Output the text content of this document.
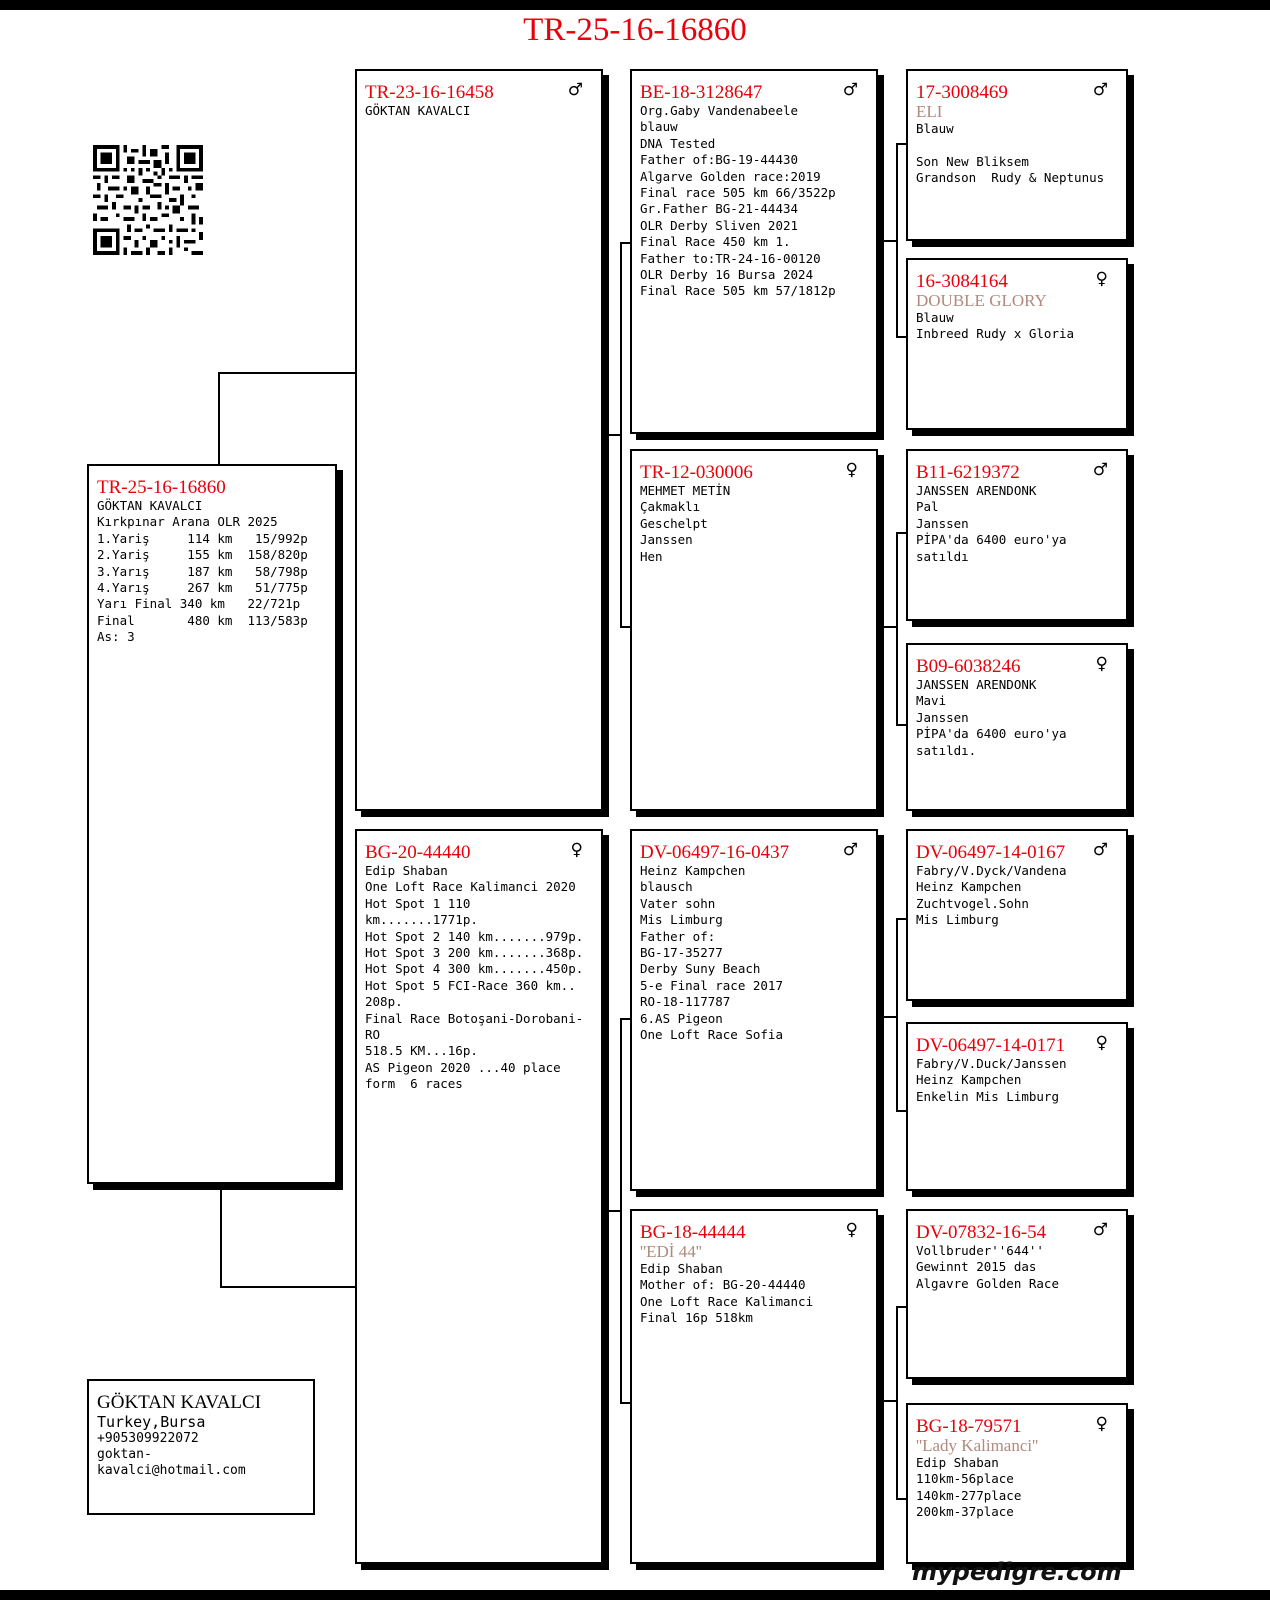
TR-25-16-16860
TR-25-16-16860
GÖKTAN KAVALCI
Kırkpınar Arana OLR 2025
1.Yariş     114 km   15/992p
2.Yariş     155 km  158/820p
3.Yarış     187 km   58/798p
4.Yarış     267 km   51/775p
Yarı Final 340 km   22/721p
Final       480 km  113/583p
As: 3
TR-23-16-16458	♂
GÖKTAN KAVALCI
BG-20-44440	♀
Edip Shaban
One Loft Race Kalimanci 2020
Hot Spot 1 110
km.......1771p.
Hot Spot 2 140 km.......979p.
Hot Spot 3 200 km.......368p.
Hot Spot 4 300 km.......450p.
Hot Spot 5 FCI-Race 360 km..
208p.
Final Race Botoşani-Dorobani-
RO
518.5 KM...16p.
AS Pigeon 2020 ...40 place
form  6 races
BE-18-3128647	♂
Org.Gaby Vandenabeele
blauw
DNA Tested
Father of:BG-19-44430
Algarve Golden race:2019
Final race 505 km 66/3522p
Gr.Father BG-21-44434
OLR Derby Sliven 2021
Final Race 450 km 1.
Father to:TR-24-16-00120
OLR Derby 16 Bursa 2024
Final Race 505 km 57/1812p
TR-12-030006	♀
MEHMET METİN
Çakmaklı
Geschelpt
Janssen
Hen
DV-06497-16-0437	♂
Heinz Kampchen
blausch
Vater sohn
Mis Limburg
Father of:
BG-17-35277
Derby Suny Beach
5-e Final race 2017
RO-18-117787
6.AS Pigeon
One Loft Race Sofia
BG-18-44444	♀
''EDİ 44''
Edip Shaban
Mother of: BG-20-44440
One Loft Race Kalimanci
Final 16p 518km
17-3008469	♂
ELI
Blauw
Son New Bliksem
Grandson  Rudy & Neptunus
16-3084164	♀
DOUBLE GLORY
Blauw
Inbreed Rudy x Gloria
B11-6219372	♂
JANSSEN ARENDONK
Pal
Janssen
PİPA'da 6400 euro'ya
satıldı
B09-6038246	♀
JANSSEN ARENDONK
Mavi
Janssen
PİPA'da 6400 euro'ya
satıldı.
DV-06497-14-0167	♂
Fabry/V.Dyck/Vandena
Heinz Kampchen
Zuchtvogel.Sohn
Mis Limburg
DV-06497-14-0171	♀
Fabry/V.Duck/Janssen
Heinz Kampchen
Enkelin Mis Limburg
DV-07832-16-54	♂
Vollbruder''644''
Gewinnt 2015 das
Algavre Golden Race
BG-18-79571	♀
''Lady Kalimanci''
Edip Shaban
110km-56place
140km-277place
200km-37place
GÖKTAN KAVALCI
Turkey,Bursa
+905309922072
goktan-
kavalci@hotmail.com
mypedigre.com
